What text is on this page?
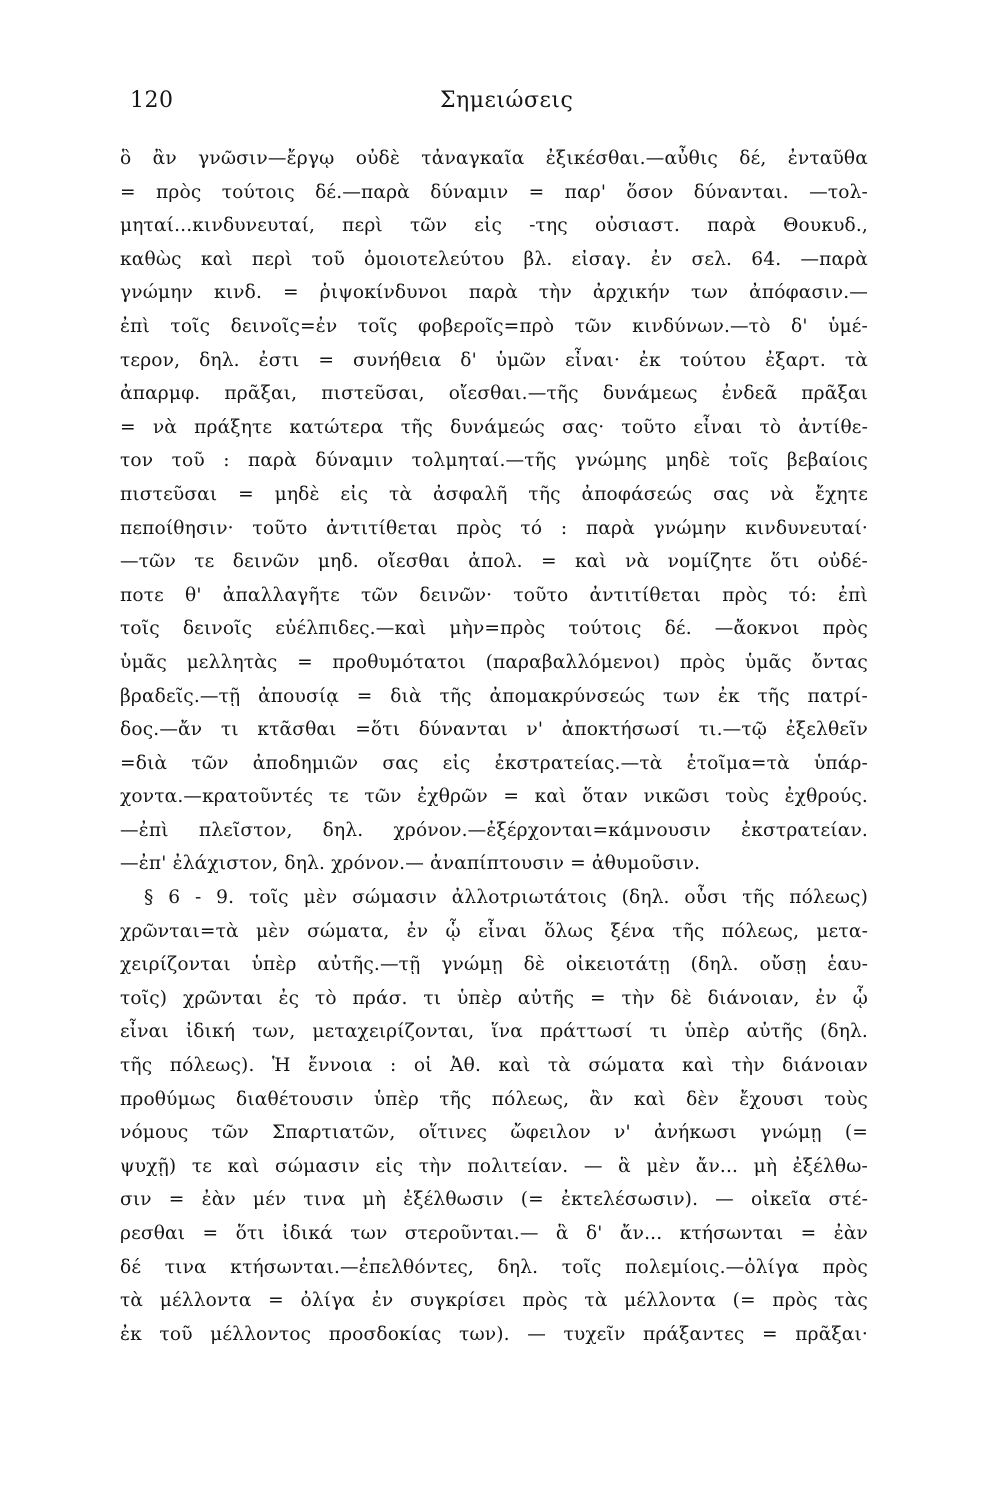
120	Σημειώσεις
ὃ ἂν γνῶσιν—ἔργῳ οὐδὲ τἀναγκαῖα ἐξικέσθαι.—αὖθις δέ, ἐνταῦθα
= πρὸς τούτοις δέ.—παρὰ δύναμιν = παρ' ὅσον δύνανται. —τολ-
μηταί...κινδυνευταί, περὶ τῶν εἰς -της οὐσιαστ. παρὰ Θουκυδ.,
καθὼς καὶ περὶ τοῦ ὁμοιοτελεύτου βλ. εἰσαγ. ἐν σελ. 64. —παρὰ
γνώμην κινδ. = ῥιψοκίνδυνοι παρὰ τὴν ἀρχικήν των ἀπόφασιν.—
ἐπὶ τοῖς δεινοῖς=ἐν τοῖς φοβεροῖς=πρὸ τῶν κινδύνων.—τὸ δ' ὑμέ-
τερον, δηλ. ἐστι = συνήθεια δ' ὑμῶν εἶναι· ἐκ τούτου ἐξαρτ. τὰ
ἀπαρμφ. πρᾶξαι, πιστεῦσαι, οἴεσθαι.—τῆς δυνάμεως ἐνδεᾶ πρᾶξαι
= νὰ πράξητε κατώτερα τῆς δυνάμεώς σας· τοῦτο εἶναι τὸ ἀντίθε-
τον τοῦ : παρὰ δύναμιν τολμηταί.—τῆς γνώμης μηδὲ τοῖς βεβαίοις
πιστεῦσαι = μηδὲ εἰς τὰ ἀσφαλῆ τῆς ἀποφάσεώς σας νὰ ἔχητε
πεποίθησιν· τοῦτο ἀντιτίθεται πρὸς τό : παρὰ γνώμην κινδυνευταί·
—τῶν τε δεινῶν μηδ. οἴεσθαι ἀπολ. = καὶ νὰ νομίζητε ὅτι οὐδέ-
ποτε θ' ἀπαλλαγῆτε τῶν δεινῶν· τοῦτο ἀντιτίθεται πρὸς τό: ἐπὶ
τοῖς δεινοῖς εὐέλπιδες.—καὶ μὴν=πρὸς τούτοις δέ. —ἄοκνοι πρὸς
ὑμᾶς μελλητὰς = προθυμότατοι (παραβαλλόμενοι) πρὸς ὑμᾶς ὄντας
βραδεῖς.—τῇ ἀπουσίᾳ = διὰ τῆς ἀπομακρύνσεώς των ἐκ τῆς πατρί-
δος.—ἄν τι κτᾶσθαι =ὅτι δύνανται ν' ἀποκτήσωσί τι.—τῷ ἐξελθεῖν
=διὰ τῶν ἀποδημιῶν σας εἰς ἐκστρατείας.—τὰ ἑτοῖμα=τὰ ὑπάρ-
χοντα.—κρατοῦντές τε τῶν ἐχθρῶν = καὶ ὅταν νικῶσι τοὺς ἐχθρούς.
—ἐπὶ πλεῖστον, δηλ. χρόνον.—ἐξέρχονται=κάμνουσιν ἐκστρατείαν.
—ἐπ' ἐλάχιστον, δηλ. χρόνον.— ἀναπίπτουσιν = ἀθυμοῦσιν.
§ 6 - 9. τοῖς μὲν σώμασιν ἀλλοτριωτάτοις (δηλ. οὖσι τῆς πόλεως)
χρῶνται=τὰ μὲν σώματα, ἐν ᾧ εἶναι ὅλως ξένα τῆς πόλεως, μετα-
χειρίζονται ὑπὲρ αὐτῆς.—τῇ γνώμῃ δὲ οἰκειοτάτῃ (δηλ. οὔσῃ ἑαυ-
τοῖς) χρῶνται ἐς τὸ πράσ. τι ὑπὲρ αὐτῆς = τὴν δὲ διάνοιαν, ἐν ᾧ
εἶναι ἰδική των, μεταχειρίζονται, ἵνα πράττωσί τι ὑπὲρ αὐτῆς (δηλ.
τῆς πόλεως). Ἡ ἔννοια : οἱ Ἀθ. καὶ τὰ σώματα καὶ τὴν διάνοιαν
προθύμως διαθέτουσιν ὑπὲρ τῆς πόλεως, ἂν καὶ δὲν ἔχουσι τοὺς
νόμους τῶν Σπαρτιατῶν, οἵτινες ὤφειλον ν' ἀνήκωσι γνώμῃ (=
ψυχῇ) τε καὶ σώμασιν εἰς τὴν πολιτείαν. — ἃ μὲν ἄν... μὴ ἐξέλθω-
σιν = ἐὰν μέν τινα μὴ ἐξέλθωσιν (= ἐκτελέσωσιν). — οἰκεῖα στέ-
ρεσθαι = ὅτι ἰδικά των στεροῦνται.— ἃ δ' ἄν... κτήσωνται = ἐὰν
δέ τινα κτήσωνται.—ἐπελθόντες, δηλ. τοῖς πολεμίοις.—ὀλίγα πρὸς
τὰ μέλλοντα = ὀλίγα ἐν συγκρίσει πρὸς τὰ μέλλοντα (= πρὸς τὰς
ἐκ τοῦ μέλλοντος προσδοκίας των). — τυχεῖν πράξαντες = πρᾶξαι·
